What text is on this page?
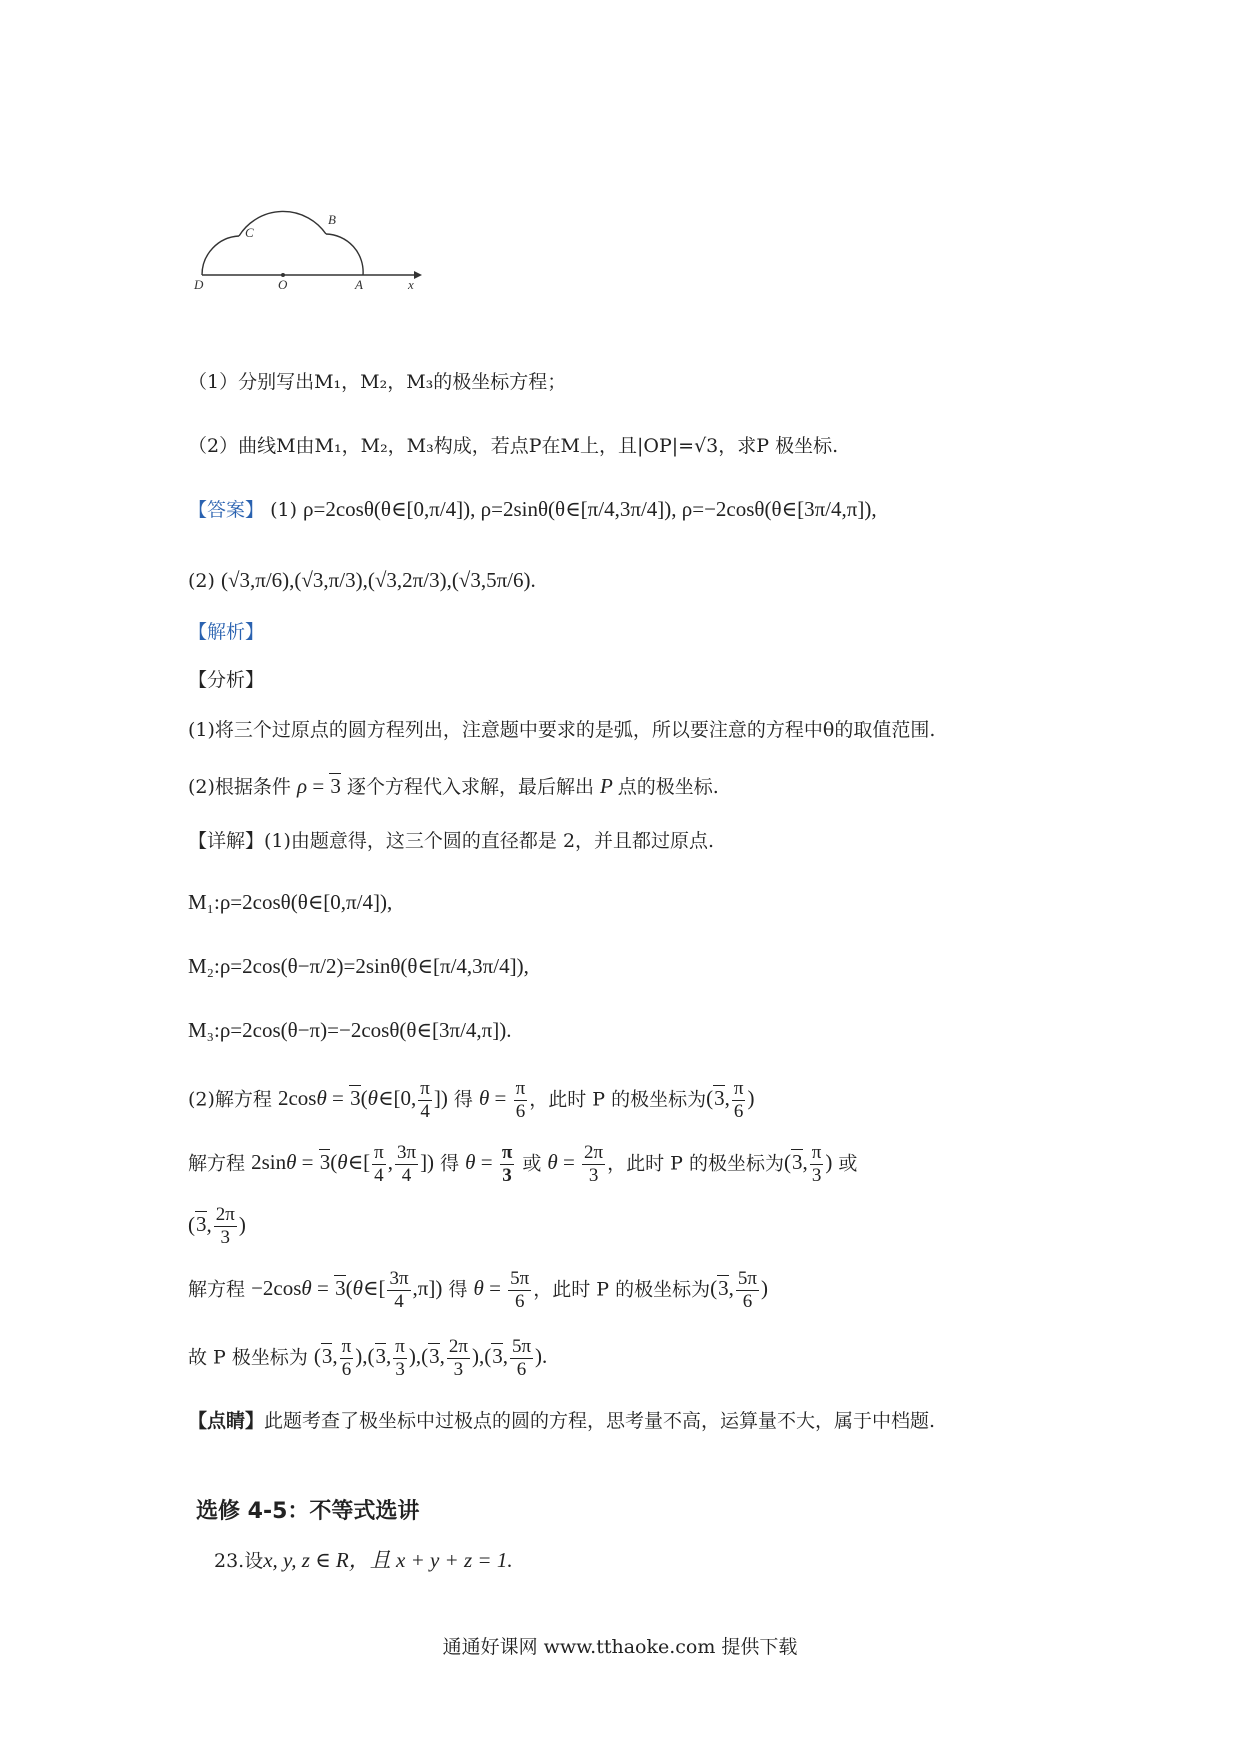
D	O	A	x
B
C
（1）分别写出M₁，M₂，M₃的极坐标方程；
（2）曲线M由M₁，M₂，M₃构成，若点P在M上，且|OP|=√3，求P 极坐标.
【答案】 (1) ρ=2cosθ(θ∈[0,π/4]), ρ=2sinθ(θ∈[π/4,3π/4]), ρ=−2cosθ(θ∈[3π/4,π]),
(2) (√3,π/6),(√3,π/3),(√3,2π/3),(√3,5π/6).
【解析】
【分析】
(1)将三个过原点的圆方程列出，注意题中要求的是弧，所以要注意的方程中θ的取值范围.
(2)根据条件 ρ = 3 逐个方程代入求解，最后解出 P 点的极坐标.
【详解】(1)由题意得，这三个圆的直径都是 2，并且都过原点.
M₁:ρ=2cosθ(θ∈[0,π/4]),
M₂:ρ=2cos(θ−π/2)=2sinθ(θ∈[π/4,3π/4]),
M₃:ρ=2cos(θ−π)=−2cosθ(θ∈[3π/4,π]).
(2)解方程 2cosθ = 3(θ∈[0, $\frac{\pi}{4}$ ]) 得 $\theta = \frac{\pi}{6}$ ，此时 P 的极坐标为(3, $\frac{\pi}{6}$ )
解方程 2sinθ = 3(θ∈[ $\frac{\pi}{4}$ , $\frac{3\pi}{4}$ ]) 得 $\theta = \frac{\pi}{3}$ 或 $\theta = \frac{2\pi}{3}$ ，此时 P 的极坐标为(3, $\frac{\pi}{3}$ ) 或
(3, $\frac{2\pi}{3}$ )
解方程 −2cosθ = 3(θ∈[ $\frac{3\pi}{4} ,\pi$]) 得 $\theta = \frac{5\pi}{6}$ ，此时 P 的极坐标为(3, $\frac{5\pi}{6}$ )
故 P 极坐标为 (3, $\frac{\pi}{6} ),(3$, $\frac{\pi}{3} ),(3$, $\frac{2\pi}{3} ),(3$, $\frac{5\pi}{6}$ ).
【点睛】此题考查了极坐标中过极点的圆的方程，思考量不高，运算量不大，属于中档题.
选修 4-5：不等式选讲
23.设x, y, z ∈ R，且 x + y + z = 1.
通通好课网 www.tthaoke.com 提供下载
